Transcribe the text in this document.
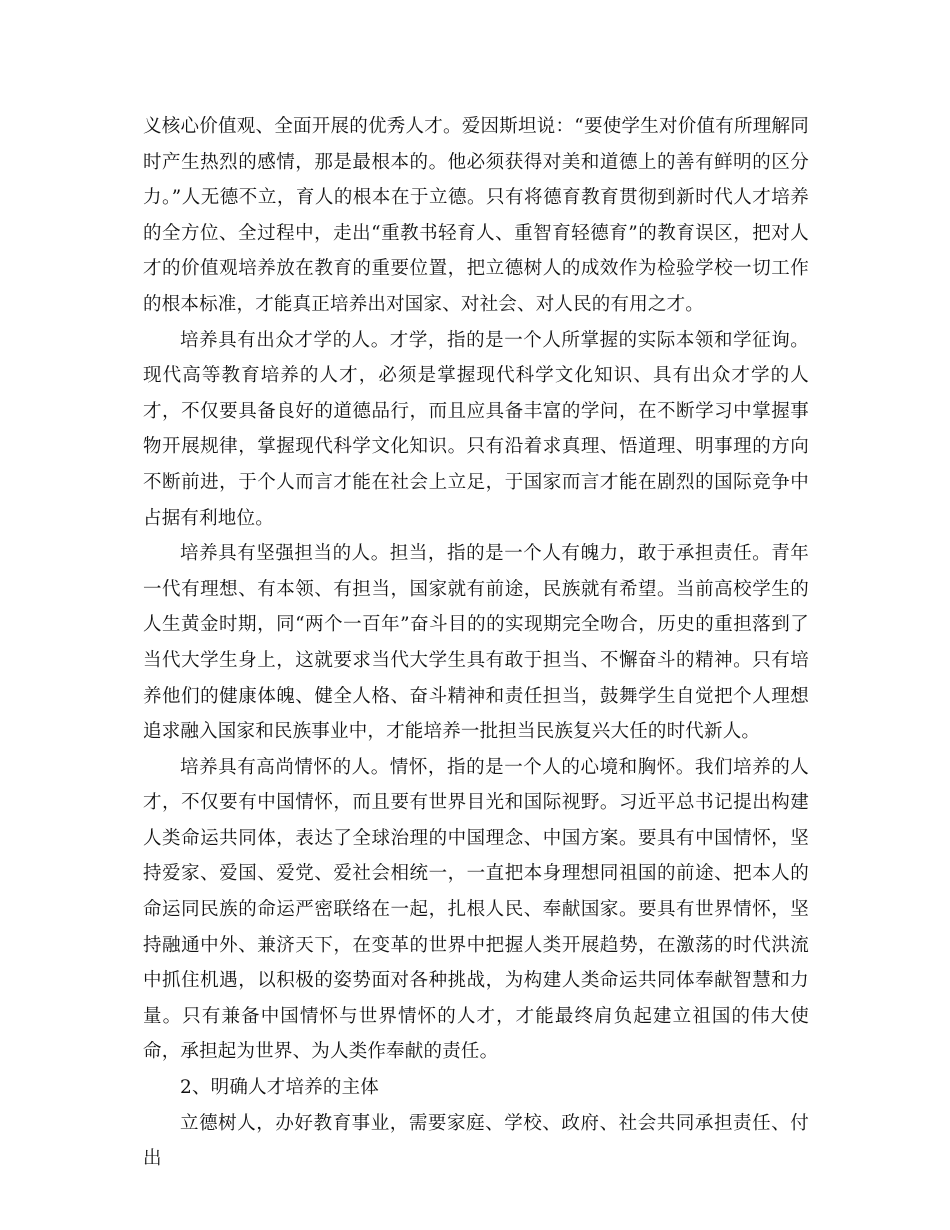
义核心价值观、全面开展的优秀人才。爱因斯坦说：“要使学生对价值有所理解同时产生热烈的感情，那是最根本的。他必须获得对美和道德上的善有鲜明的区分力。”人无德不立，育人的根本在于立德。只有将德育教育贯彻到新时代人才培养的全方位、全过程中，走出“重教书轻育人、重智育轻德育”的教育误区，把对人才的价值观培养放在教育的重要位置，把立德树人的成效作为检验学校一切工作的根本标准，才能真正培养出对国家、对社会、对人民的有用之才。

培养具有出众才学的人。才学，指的是一个人所掌握的实际本领和学征询。现代高等教育培养的人才，必须是掌握现代科学文化知识、具有出众才学的人才，不仅要具备良好的道德品行，而且应具备丰富的学问，在不断学习中掌握事物开展规律，掌握现代科学文化知识。只有沿着求真理、悟道理、明事理的方向不断前进，于个人而言才能在社会上立足，于国家而言才能在剧烈的国际竞争中占据有利地位。

培养具有坚强担当的人。担当，指的是一个人有魄力，敢于承担责任。青年一代有理想、有本领、有担当，国家就有前途，民族就有希望。当前高校学生的人生黄金时期，同“两个一百年”奋斗目的的实现期完全吻合，历史的重担落到了当代大学生身上，这就要求当代大学生具有敢于担当、不懈奋斗的精神。只有培养他们的健康体魄、健全人格、奋斗精神和责任担当，鼓舞学生自觉把个人理想追求融入国家和民族事业中，才能培养一批担当民族复兴大任的时代新人。

培养具有高尚情怀的人。情怀，指的是一个人的心境和胸怀。我们培养的人才，不仅要有中国情怀，而且要有世界目光和国际视野。习近平总书记提出构建人类命运共同体，表达了全球治理的中国理念、中国方案。要具有中国情怀，坚持爱家、爱国、爱党、爱社会相统一，一直把本身理想同祖国的前途、把本人的命运同民族的命运严密联络在一起，扎根人民、奉献国家。要具有世界情怀，坚持融通中外、兼济天下，在变革的世界中把握人类开展趋势，在激荡的时代洪流中抓住机遇，以积极的姿势面对各种挑战，为构建人类命运共同体奉献智慧和力量。只有兼备中国情怀与世界情怀的人才，才能最终肩负起建立祖国的伟大使命，承担起为世界、为人类作奉献的责任。

2、明确人才培养的主体

立德树人，办好教育事业，需要家庭、学校、政府、社会共同承担责任、付出
